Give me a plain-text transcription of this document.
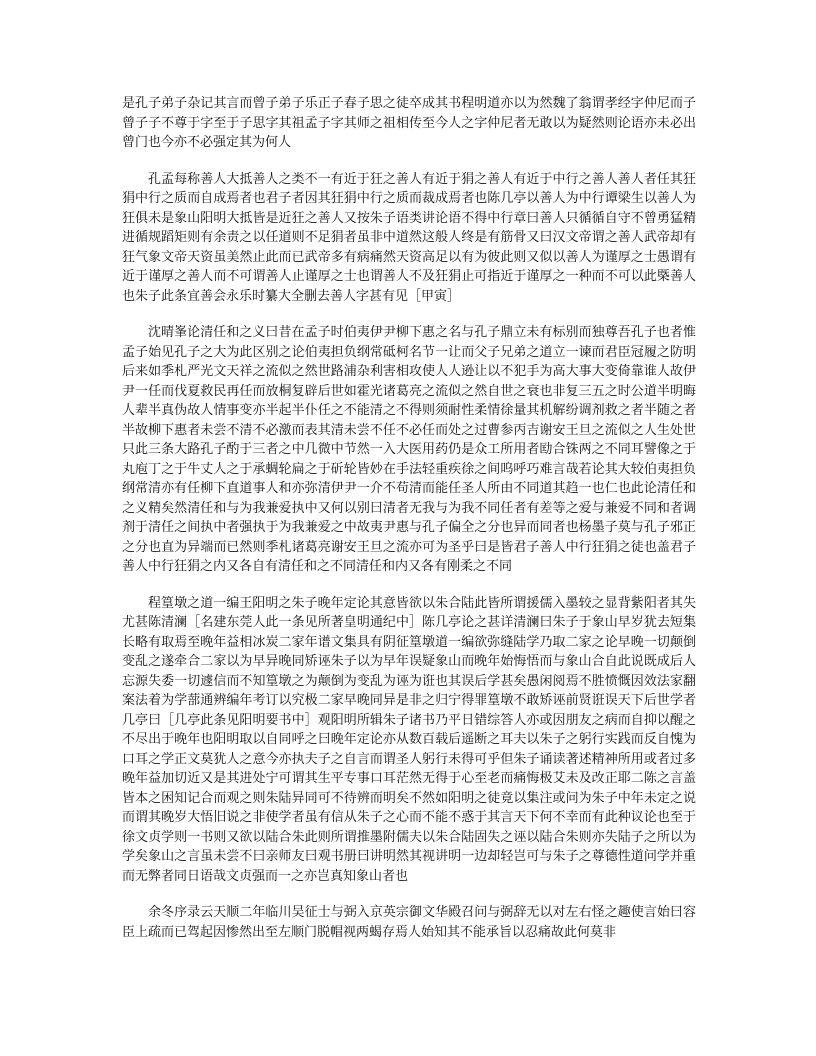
是孔子弟子杂记其言而曾子弟子乐正子春子思之徒卒成其书程明道亦以为然魏了翁谓孝经字仲尼而子曾子子不尊于字至于子思字其祖孟子字其师之祖相传至今人之字仲尼者无敢以为疑然则论语亦未必出曾门也今亦不必强定其为何人

孔孟每称善人大抵善人之类不一有近于狂之善人有近于狷之善人有近于中行之善人善人者任其狂狷中行之质而自成焉者也君子者因其狂狷中行之质而裁成焉者也陈几亭以善人为中行谭梁生以善人为狂俱未是象山阳明大抵皆是近狂之善人又按朱子语类讲论语不得中行章曰善人只循循自守不曾勇猛精进循规蹈矩则有余责之以任道则不足狷者虽非中道然这般人终是有筋骨又曰汉文帝谓之善人武帝却有狂气象文帝天资虽美然止此而已武帝多有病痛然天资高足以有为彼此则又似以善人为谨厚之士愚谓有近于谨厚之善人而不可谓善人止谨厚之士也谓善人不及狂狷止可指近于谨厚之一种而不可以此槩善人也朱子此条宜善会永乐时纂大全删去善人字甚有见［甲寅］

沈晴峯论清任和之义曰昔在孟子时伯夷伊尹柳下惠之名与孔子鼎立未有标别而独尊吾孔子也者惟孟子始见孔子之大为此区别之论伯夷担负纲常砥柯名节一让而父子兄弟之道立一谏而君臣冠履之防明后来如季札严光文天祥之流似之然世路浦杂利害相攻使人人逊让以不犯手为高大事大变倚靠谁人故伊尹一任而伐夏救民再任而放桐复辟后世如霍光诸葛亮之流似之然自世之衰也非复三五之时公道半明晦人辈半真伪故人情事变亦半起半仆任之不能清之不得则须耐性柔情徐量其机解纷调剂救之者半随之者半故柳下惠者未尝不清不必激而表其清未尝不任不必任而处之过曹参丙吉谢安王旦之流似之人生处世只此三条大路孔子酌于三者之中几微中节然一入大医用药仍是众工所用者劻合铢两之不同耳譬像之于丸庖丁之于牛丈人之于承蜩轮扁之于斫轮皆妙在手法轻重疾徐之间呜呼巧难言哉若论其大较伯夷担负纲常清亦有任柳下直道事人和亦弥清伊尹一介不苟清而能任圣人所由不同道其趋一也仁也此论清任和之义精矣然清任和与为我兼爱执中又何以别曰清者无我与为我不同任者有差等之爱与兼爱不同和者调剂于清任之间执中者强执于为我兼爱之中故夷尹惠与孔子偏全之分也异而同者也杨墨子莫与孔子邪正之分也直为异端而已然则季札诸葛亮谢安王旦之流亦可为圣乎曰是皆君子善人中行狂狷之徒也盖君子善人中行狂狷之内又各自有清任和之不同清任和内又各有刚柔之不同

程篁墩之道一编王阳明之朱子晚年定论其意皆欲以朱合陆此皆所谓援儒入墨较之显背紫阳者其失尤甚陈清澜［名建东莞人此一条见所著皇明通纪中］陈几亭论之甚详清澜曰朱子于象山早岁犹去短集长略有取焉至晚年益相冰炭二家年谱文集具有阴征篁墩道一编欲弥缝陆学乃取二家之论早晚一切颠倒变乱之遂牵合二家以为早异晚同矫诬朱子以为早年误疑象山而晚年始悔悟而与象山合自此说既成后人忘源失委一切遽信而不知篁墩之为颠倒为变乱为诬为诳也其误后学甚矣愚闲阅焉不胜愤慨因效法家翻案法着为学蔀通辨编年考订以究极二家早晚同异是非之归宁得罪篁墩不敢矫诬前贤诳误天下后世学者几亭曰［几亭此条见阳明要书中］观阳明所辑朱子诸书乃平日错综答人亦或因朋友之病而自抑以醒之不尽出于晚年也阳明取以自同呼之曰晚年定论亦从数百载后遥断之耳夫以朱子之躬行实践而反自愧为口耳之学正文莫犹人之意今亦执夫子之自言而谓圣人躬行未得可乎但朱子诵读著述精神所用或者过多晚年益加切近又是其进处宁可谓其生平专事口耳茫然无得于心至老而痛悔极艾未及改正耶二陈之言盖皆本之困知记合而观之则朱陆异同可不待辨而明矣不然如阳明之徒竟以集注或问为朱子中年未定之说而谓其晚岁大悟旧说之非使学者虽有信从朱子之心而不能不惑于其言天下何不幸而有此种议论也至于徐文贞学则一书则又欲以陆合朱此则所谓推墨附儒夫以朱合陆固失之诬以陆合朱则亦失陆子之所以为学矣象山之言虽未尝不曰亲师友曰观书册曰讲明然其视讲明一边却轻岂可与朱子之尊德性道问学并重而无弊者同日语哉文贞强而一之亦岂真知象山者也

余冬序录云天顺二年临川吴征士与弼入京英宗御文华殿召问与弼辞无以对左右怪之趣使言始曰容臣上疏而已驾起因惨然出至左顺门脱帽视两蝎存焉人始知其不能承旨以忍痛故此何莫非
